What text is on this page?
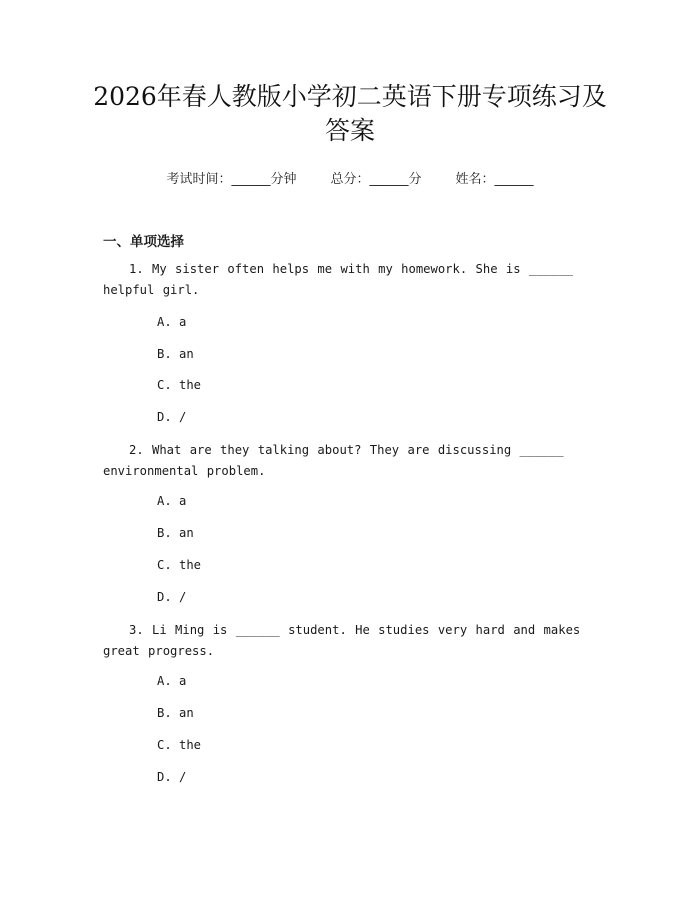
2026年春人教版小学初二英语下册专项练习及答案
考试时间：______分钟	总分：______分	姓名：______
一、单项选择
1. My sister often helps me with my homework. She is ______ helpful girl.
A. a
B. an
C. the
D. /
2. What are they talking about? They are discussing ______ environmental problem.
A. a
B. an
C. the
D. /
3. Li Ming is ______ student. He studies very hard and makes great progress.
A. a
B. an
C. the
D. /
